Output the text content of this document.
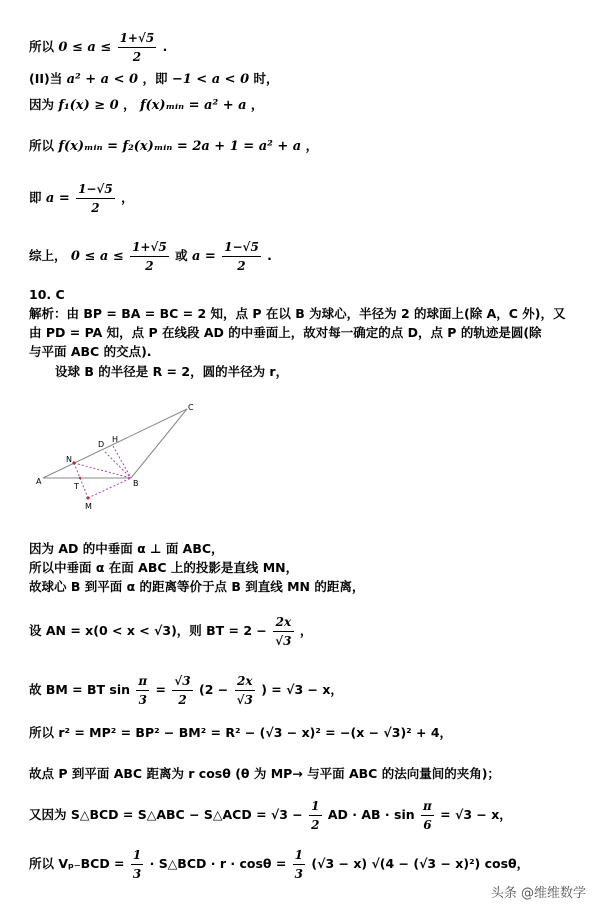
所以 $0 \le a \le \frac{1+√5}{2}$ .
(II)当 a² + a < 0 ，即 −1 < a < 0 时，
因为 f₁(x) ≥ 0 ， f(x)ₘᵢₙ = a² + a ，
所以 f(x)ₘᵢₙ = f₂(x)ₘᵢₙ = 2a + 1 = a² + a ，
即 $a = \frac{1-√5}{2}$ ，
综上， $0 \le a \le \frac{1+√5}{2}$ 或 $a = \frac{1-√5}{2}$ .
10. C
解析：由 BP = BA = BC = 2 知，点 P 在以 B 为球心，半径为 2 的球面上(除 A，C 外)，又
由 PD = PA 知，点 P 在线段 AD 的中垂面上，故对每一确定的点 D，点 P 的轨迹是圆(除
与平面 ABC 的交点).
设球 B 的半径是 R = 2，圆的半径为 r，
A	B
C
D
H
N
T
M
因为 AD 的中垂面 α ⊥ 面 ABC，
所以中垂面 α 在面 ABC 上的投影是直线 MN，
故球心 B 到平面 α 的距离等价于点 B 到直线 MN 的距离，
设 AN = x(0 < x < √3)，则 BT = $2 - \frac{2x}{√3}$ ，
故 BM = BT $\sin \frac{\pi}{3} = \frac{√3}{2} (2 - \frac{2x}{√3}$ ) = √3 − x，
所以 r² = MP² = BP² − BM² = R² − (√3 − x)² = −(x − √3)² + 4，
故点 P 到平面 ABC 距离为 r cosθ (θ 为 MP→ 与平面 ABC 的法向量间的夹角)；
又因为 S△BCD = S△ABC − S△ACD = $√3 - \frac{1}{2}$ AD · AB · $\sin \frac{\pi}{6} = √3 - x$，
所以 $V_{p-}BCD = \frac{1}{3}$ · S△BCD · $r \cdot \cos\theta = \frac{1}{3} (√3 - x) √(4 - (√3 - x)^2)$ cosθ，
头条 @维维数学
